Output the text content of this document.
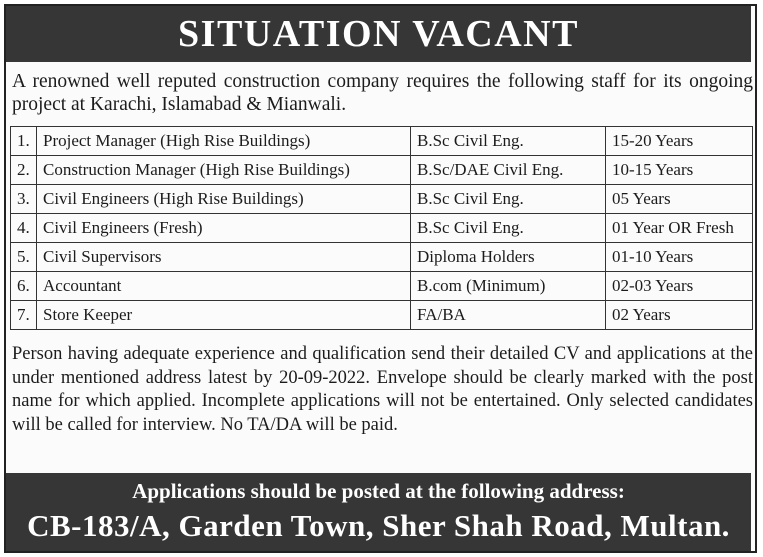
SITUATION VACANT
A renowned well reputed construction company requires the following staff for its ongoing project at Karachi, Islamabad & Mianwali.
1.	Project Manager (High Rise Buildings)	B.Sc Civil Eng.	15-20 Years
2.	Construction Manager (High Rise Buildings)	B.Sc/DAE Civil Eng.	10-15 Years
3.	Civil Engineers (High Rise Buildings)	B.Sc Civil Eng.	05 Years
4.	Civil Engineers (Fresh)	B.Sc Civil Eng.	01 Year OR Fresh
5.	Civil Supervisors	Diploma Holders	01-10 Years
6.	Accountant	B.com (Minimum)	02-03 Years
7.	Store Keeper	FA/BA	02 Years
Person having adequate experience and qualification send their detailed CV and applications at the under mentioned address latest by 20-09-2022. Envelope should be clearly marked with the post name for which applied. Incomplete applications will not be entertained. Only selected candidates will be called for interview. No TA/DA will be paid.
Applications should be posted at the following address:
CB-183/A, Garden Town, Sher Shah Road, Multan.
